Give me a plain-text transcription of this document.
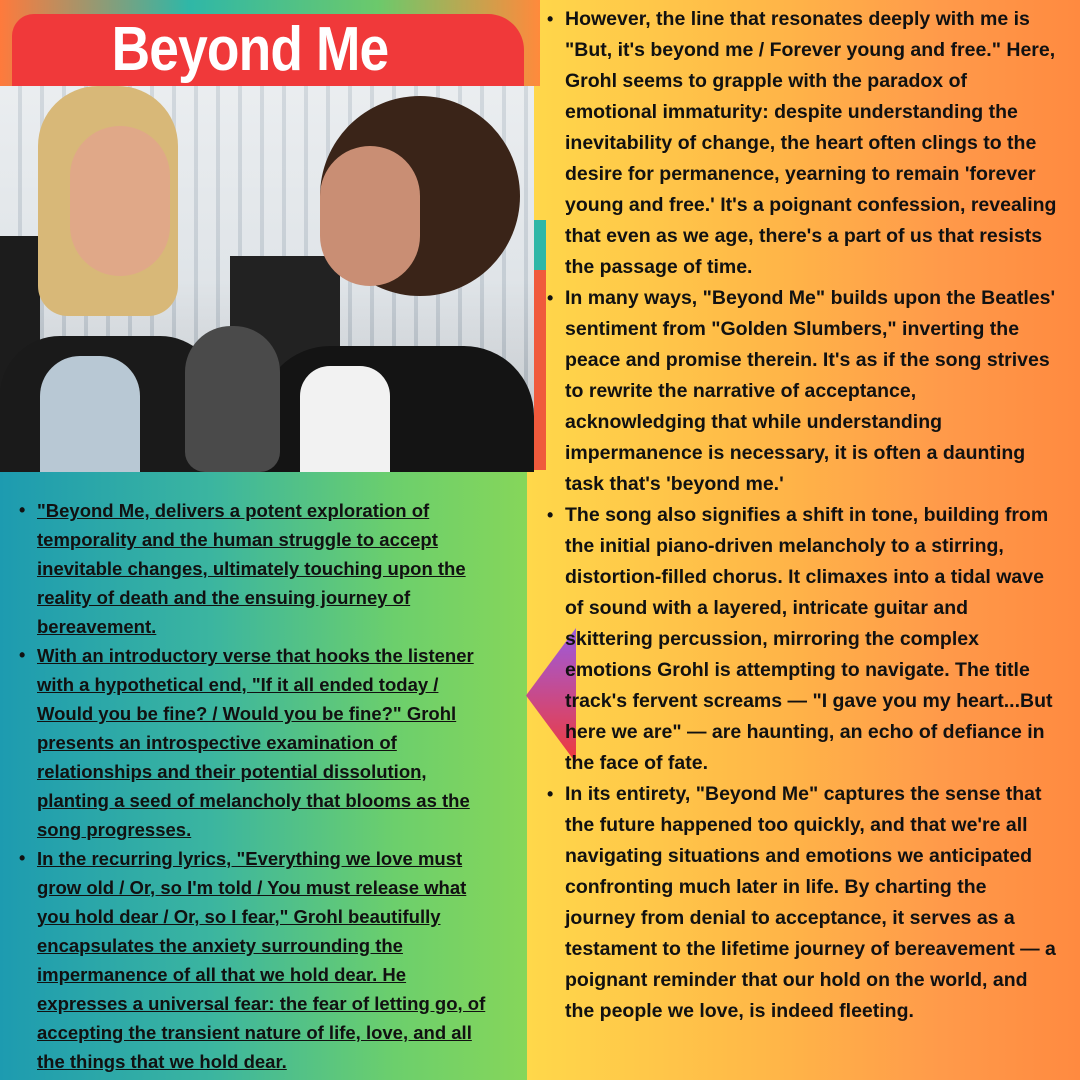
Beyond Me
• "Beyond Me, delivers a potent exploration of temporality and the human struggle to accept inevitable changes, ultimately touching upon the reality of death and the ensuing journey of bereavement.
• With an introductory verse that hooks the listener with a hypothetical end, "If it all ended today / Would you be fine? / Would you be fine?" Grohl presents an introspective examination of relationships and their potential dissolution, planting a seed of melancholy that blooms as the song progresses.
• In the recurring lyrics, "Everything we love must grow old / Or, so I'm told / You must release what you hold dear / Or, so I fear," Grohl beautifully encapsulates the anxiety surrounding the impermanence of all that we hold dear. He expresses a universal fear: the fear of letting go, of accepting the transient nature of life, love, and all the things that we hold dear.
• However, the line that resonates deeply with me is "But, it's beyond me / Forever young and free." Here, Grohl seems to grapple with the paradox of emotional immaturity: despite understanding the inevitability of change, the heart often clings to the desire for permanence, yearning to remain 'forever young and free.' It's a poignant confession, revealing that even as we age, there's a part of us that resists the passage of time.
• In many ways, "Beyond Me" builds upon the Beatles' sentiment from "Golden Slumbers," inverting the peace and promise therein. It's as if the song strives to rewrite the narrative of acceptance, acknowledging that while understanding impermanence is necessary, it is often a daunting task that's 'beyond me.'
• The song also signifies a shift in tone, building from the initial piano-driven melancholy to a stirring, distortion-filled chorus. It climaxes into a tidal wave of sound with a layered, intricate guitar and skittering percussion, mirroring the complex emotions Grohl is attempting to navigate. The title track's fervent screams — "I gave you my heart...But here we are" — are haunting, an echo of defiance in the face of fate.
• In its entirety, "Beyond Me" captures the sense that the future happened too quickly, and that we're all navigating situations and emotions we anticipated confronting much later in life. By charting the journey from denial to acceptance, it serves as a testament to the lifetime journey of bereavement — a poignant reminder that our hold on the world, and the people we love, is indeed fleeting.
